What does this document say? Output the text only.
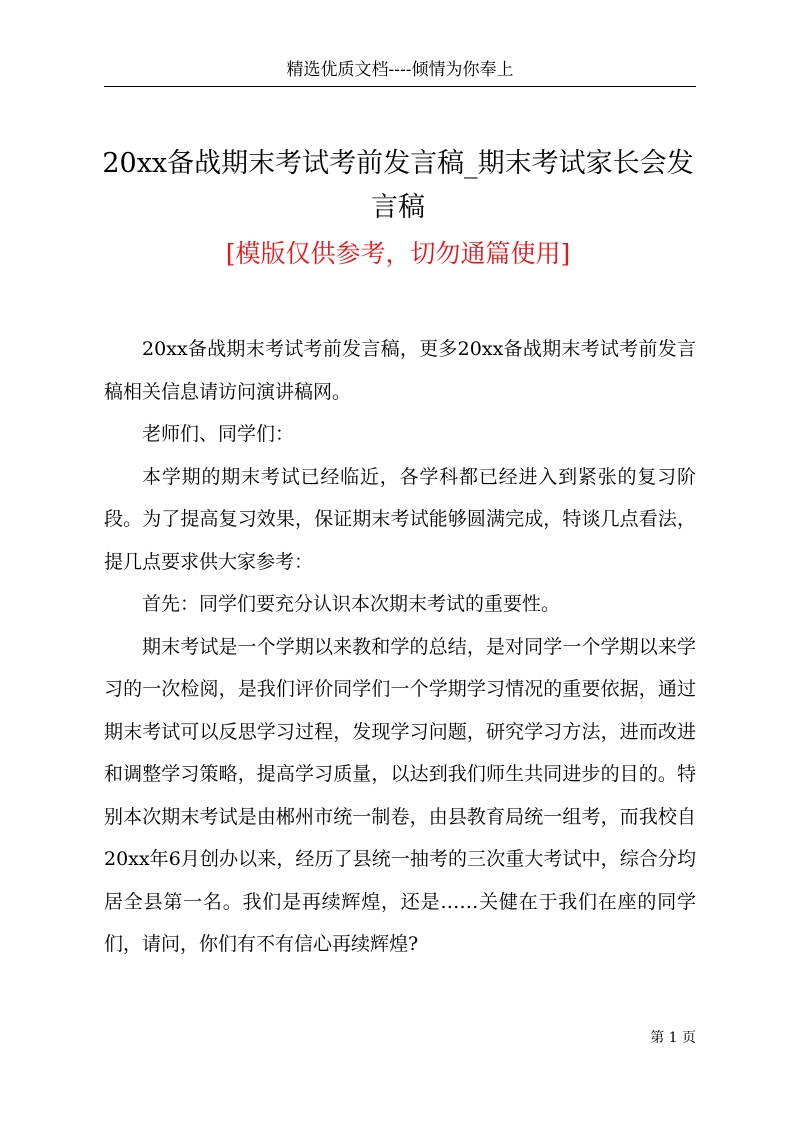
精选优质文档----倾情为你奉上
20xx备战期末考试考前发言稿_期末考试家长会发言稿
[模版仅供参考，切勿通篇使用]

20xx备战期末考试考前发言稿，更多20xx备战期末考试考前发言稿相关信息请访问演讲稿网。

老师们、同学们：

本学期的期末考试已经临近，各学科都已经进入到紧张的复习阶段。为了提高复习效果，保证期末考试能够圆满完成，特谈几点看法，提几点要求供大家参考：

首先：同学们要充分认识本次期末考试的重要性。

期末考试是一个学期以来教和学的总结，是对同学一个学期以来学习的一次检阅，是我们评价同学们一个学期学习情况的重要依据，通过期末考试可以反思学习过程，发现学习问题，研究学习方法，进而改进和调整学习策略，提高学习质量，以达到我们师生共同进步的目的。特别本次期末考试是由郴州市统一制卷，由县教育局统一组考，而我校自20xx年6月创办以来，经历了县统一抽考的三次重大考试中，综合分均居全县第一名。我们是再续辉煌，还是……关健在于我们在座的同学们，请问，你们有不有信心再续辉煌?

第 1 页
